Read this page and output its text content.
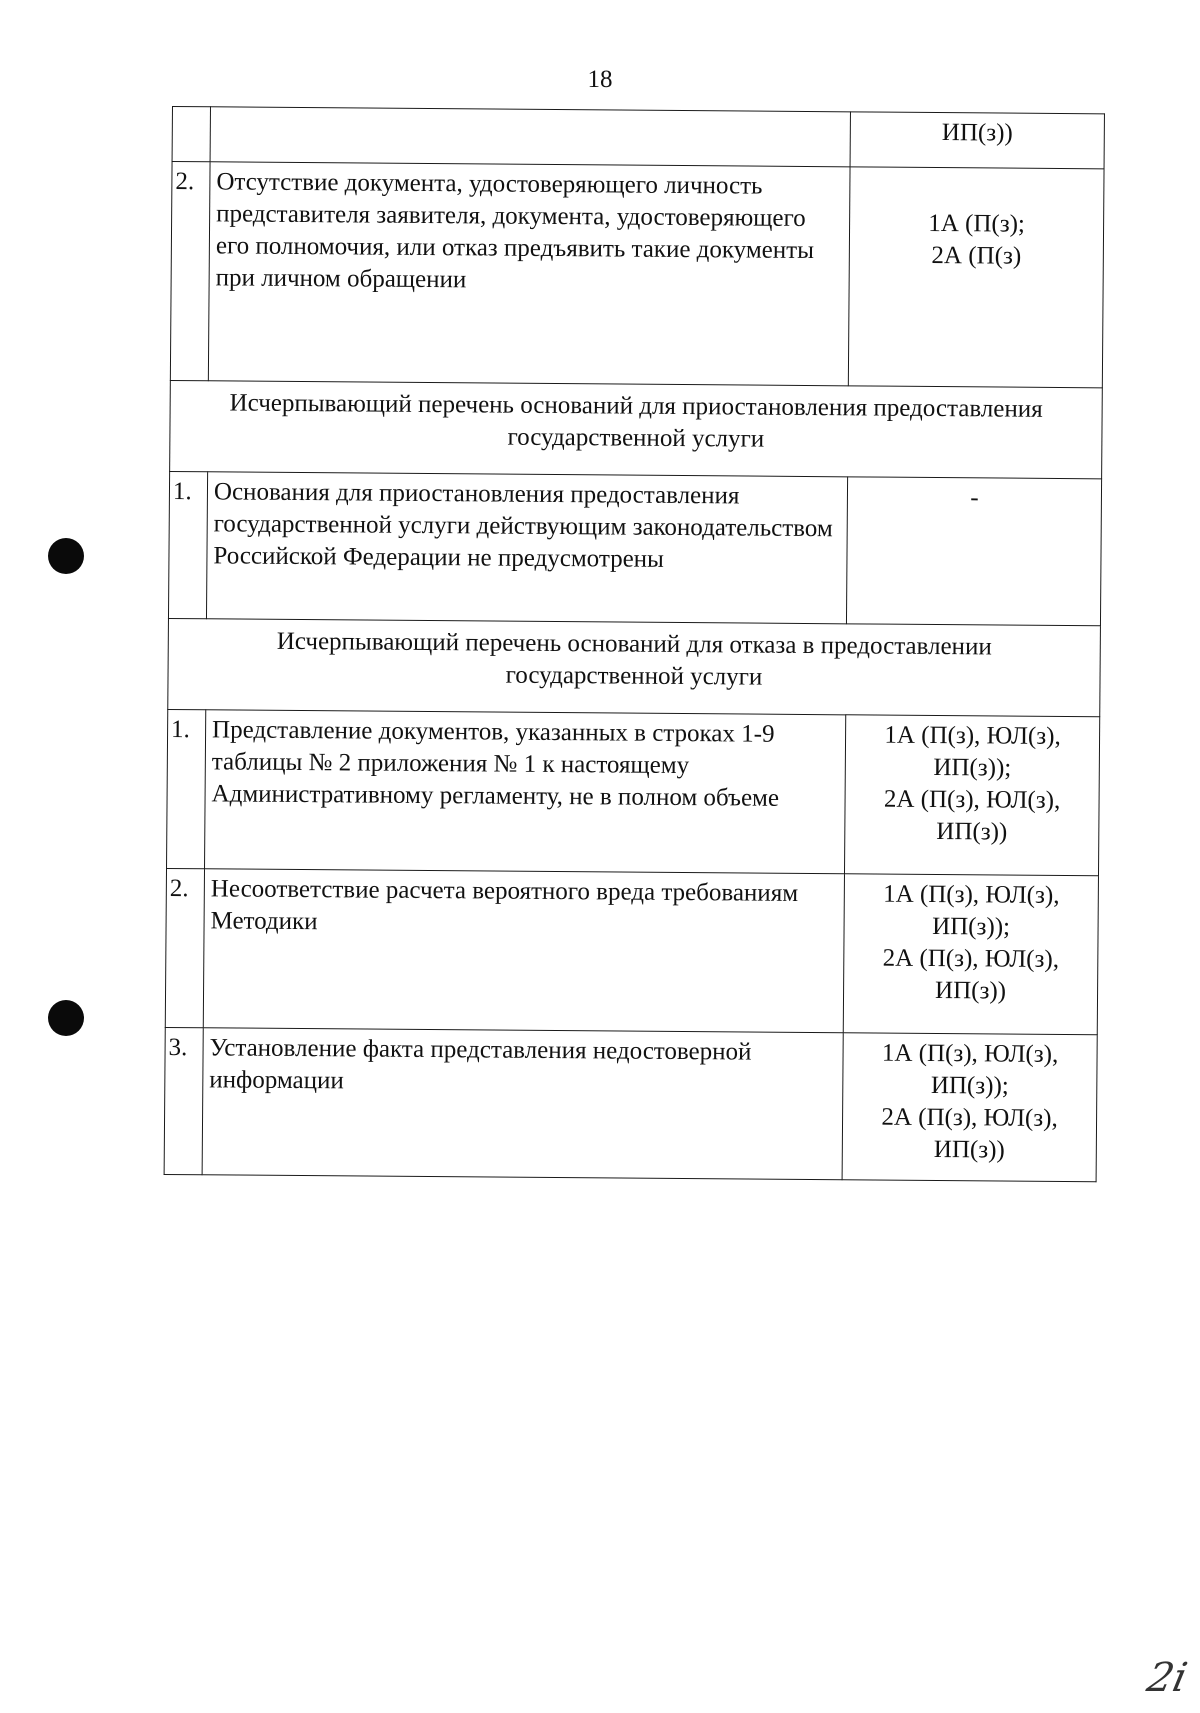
18
		ИП(з))
2.	Отсутствие документа, удостоверяющего личность представителя заявителя, документа, удостоверяющего его полномочия, или отказ предъявить такие документы при личном обращении	1А (П(з);
2А (П(з)

Исчерпывающий перечень оснований для приостановления предоставления государственной услуги		
1.	Основания для приостановления предоставления государственной услуги действующим законодательством Российской Федерации не предусмотрены	-
Исчерпывающий перечень оснований для отказа в предоставлении государственной услуги		
1.	Представление документов, указанных в строках 1-9 таблицы № 2 приложения № 1 к настоящему Административному регламенту, не в полном объеме	1А (П(з), ЮЛ(з),
ИП(з));
2А (П(з), ЮЛ(з),
ИП(з))

2.	Несоответствие расчета вероятного вреда требованиям Методики	1А (П(з), ЮЛ(з),
ИП(з));
2А (П(з), ЮЛ(з),
ИП(з))

3.	Установление факта представления недостоверной информации	1А (П(з), ЮЛ(з),
ИП(з));
2А (П(з), ЮЛ(з),
ИП(з))
2i
